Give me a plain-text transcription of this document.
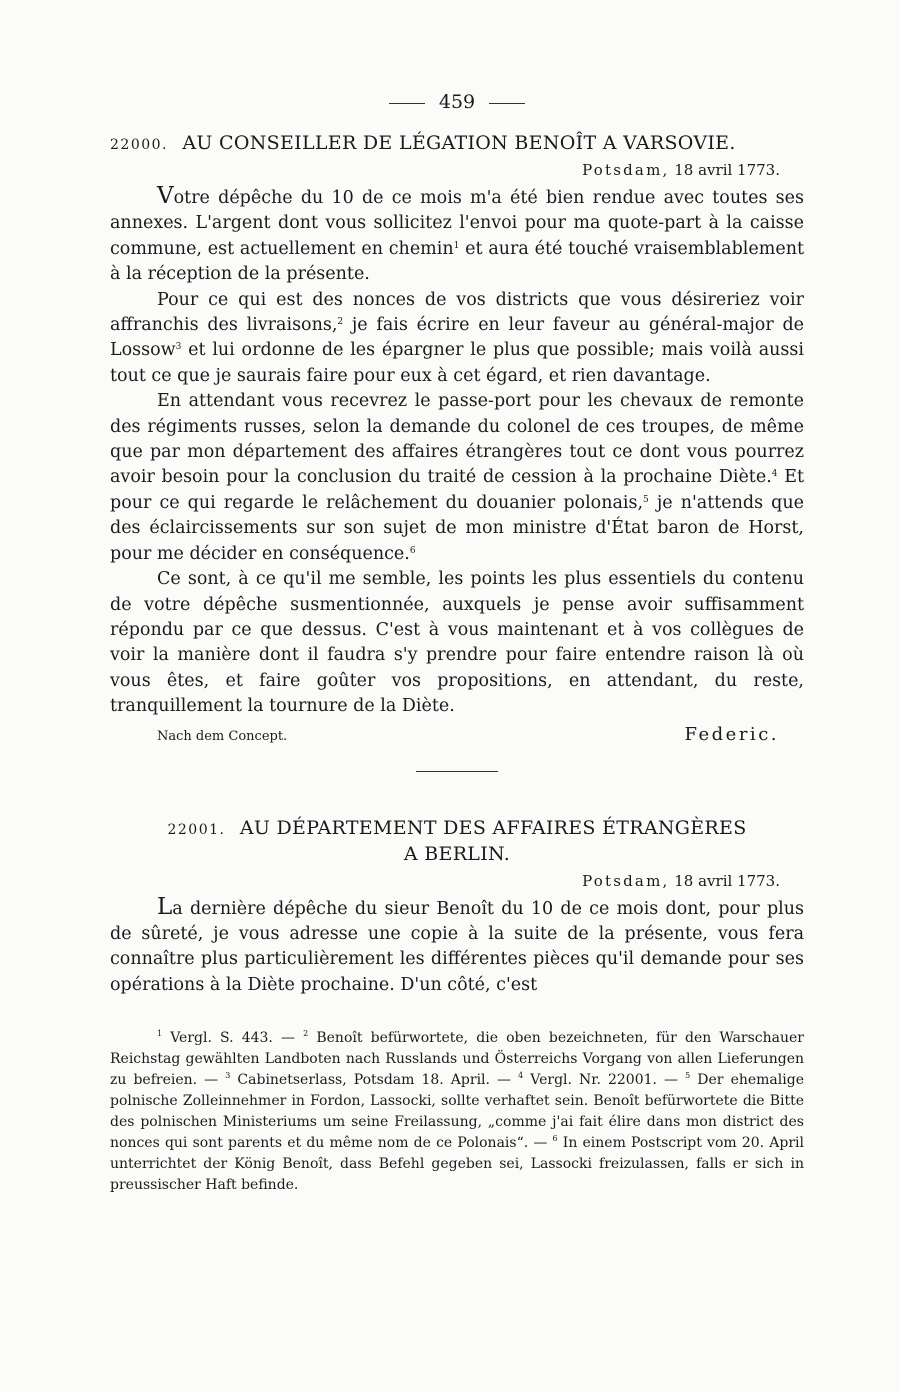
459
22000. AU CONSEILLER DE LÉGATION BENOÎT A VARSOVIE.
Potsdam, 18 avril 1773.

Votre dépêche du 10 de ce mois m'a été bien rendue avec toutes ses annexes. L'argent dont vous sollicitez l'envoi pour ma quote-part à la caisse commune, est actuellement en chemin$^1$ et aura été touché vraisemblablement à la réception de la présente.

Pour ce qui est des nonces de vos districts que vous désireriez voir affranchis des livraisons,$^2$ je fais écrire en leur faveur au général-major de Lossow$^3$ et lui ordonne de les épargner le plus que possible; mais voilà aussi tout ce que je saurais faire pour eux à cet égard, et rien davantage.

En attendant vous recevrez le passe-port pour les chevaux de remonte des régiments russes, selon la demande du colonel de ces troupes, de même que par mon département des affaires étrangères tout ce dont vous pourrez avoir besoin pour la conclusion du traité de cession à la prochaine Diète.$^4$ Et pour ce qui regarde le relâchement du douanier polonais,$^5$ je n'attends que des éclaircissements sur son sujet de mon ministre d'État baron de Horst, pour me décider en conséquence.$^6$

Ce sont, à ce qu'il me semble, les points les plus essentiels du contenu de votre dépêche susmentionnée, auxquels je pense avoir suffisamment répondu par ce que dessus. C'est à vous maintenant et à vos collègues de voir la manière dont il faudra s'y prendre pour faire entendre raison là où vous êtes, et faire goûter vos propositions, en attendant, du reste, tranquillement la tournure de la Diète.

Nach dem Concept.	Federic.
22001. AU DÉPARTEMENT DES AFFAIRES ÉTRANGÈRES
A BERLIN.
Potsdam, 18 avril 1773.

La dernière dépêche du sieur Benoît du 10 de ce mois dont, pour plus de sûreté, je vous adresse une copie à la suite de la présente, vous fera connaître plus particulièrement les différentes pièces qu'il demande pour ses opérations à la Diète prochaine. D'un côté, c'est

$^1$ Vergl. S. 443. — $^2$ Benoît befürwortete, die oben bezeichneten, für den Warschauer Reichstag gewählten Landboten nach Russlands und Österreichs Vorgang von allen Lieferungen zu befreien. — $^3$ Cabinetserlass, Potsdam 18. April. — $^4$ Vergl. Nr. 22001. — $^5$ Der ehemalige polnische Zolleinnehmer in Fordon, Lassocki, sollte verhaftet sein. Benoît befürwortete die Bitte des polnischen Ministeriums um seine Freilassung, „comme j'ai fait élire dans mon district des nonces qui sont parents et du même nom de ce Polonais“. — $^6$ In einem Postscript vom 20. April unterrichtet der König Benoît, dass Befehl gegeben sei, Lassocki freizulassen, falls er sich in preussischer Haft befinde.
